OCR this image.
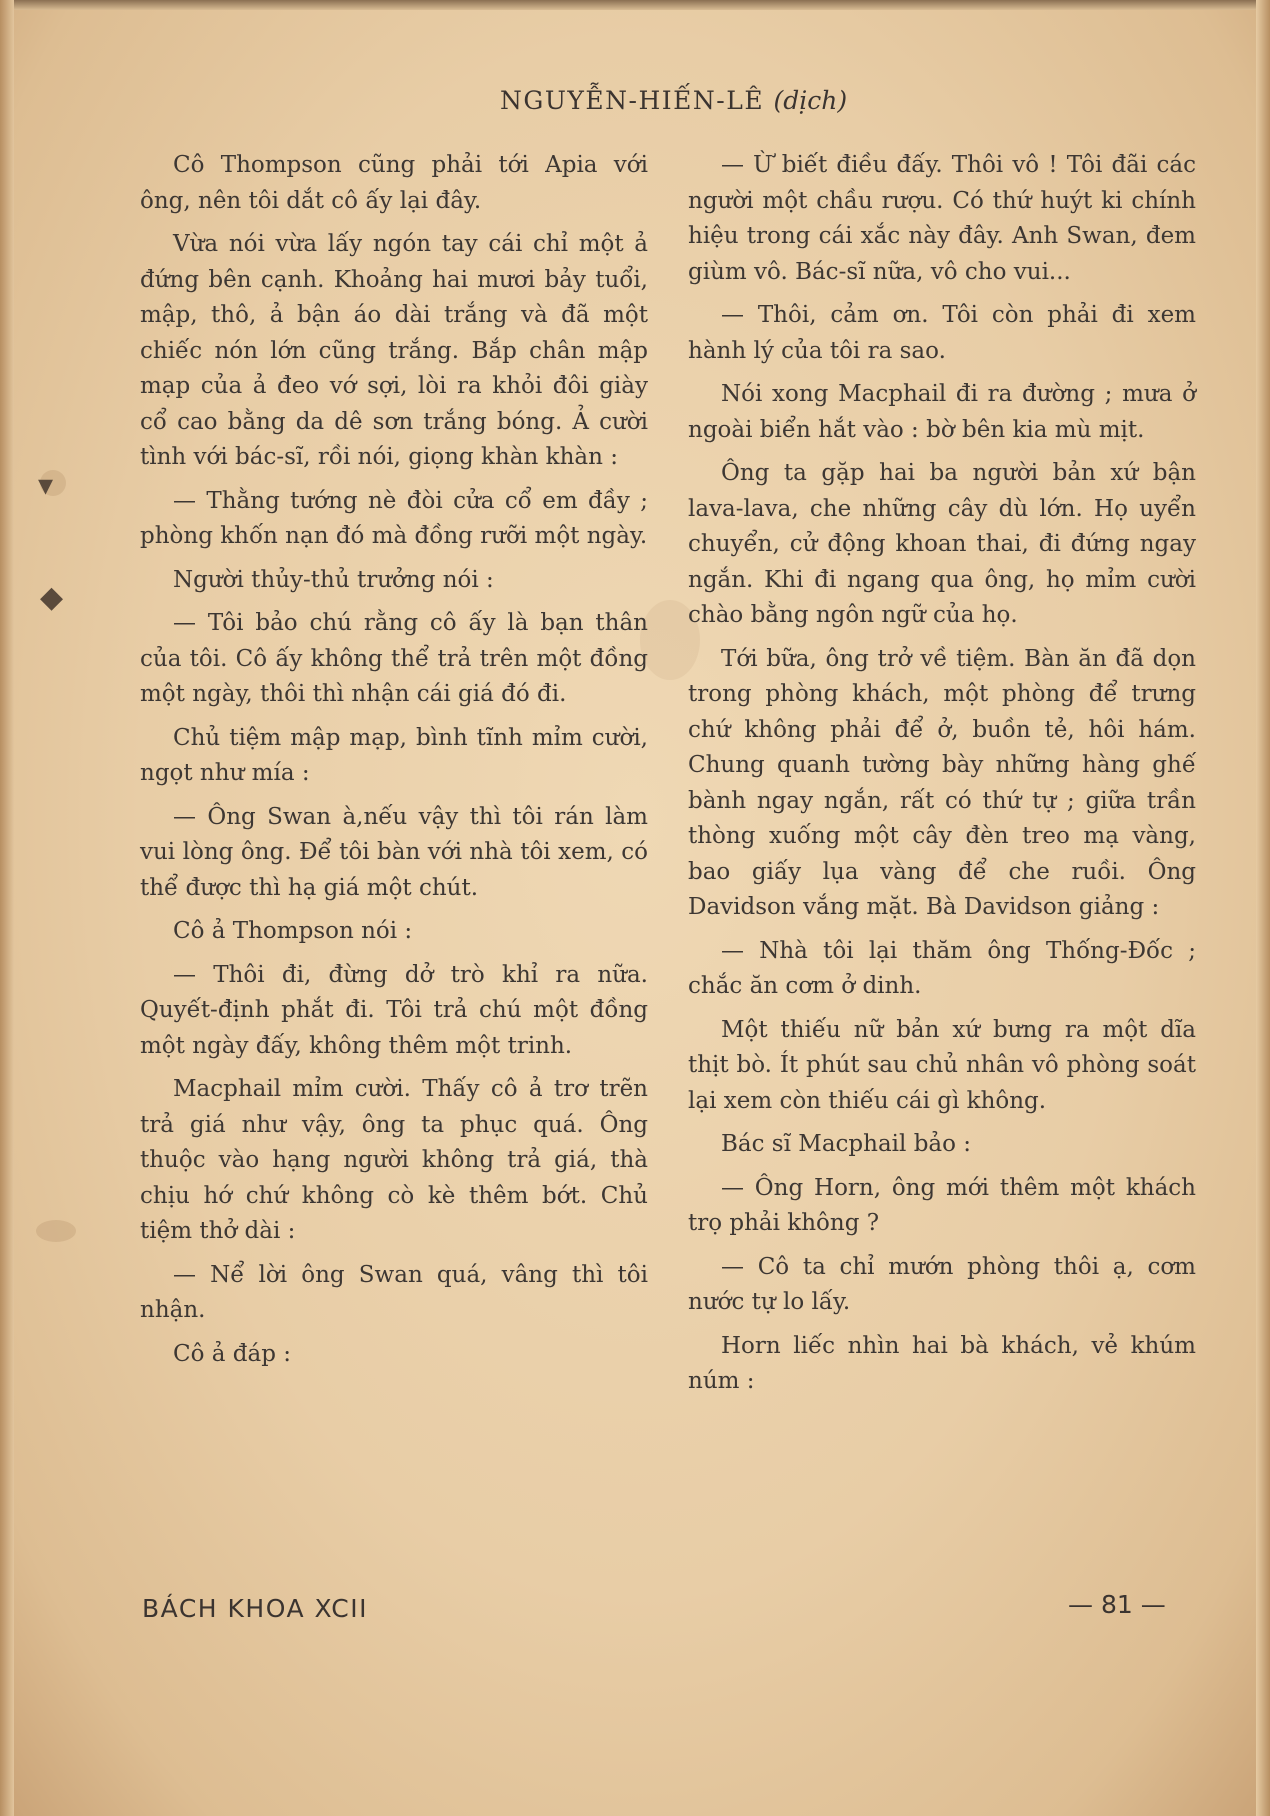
▾
◆
NGUYỄN-HIẾN-LÊ (dịch)

Cô Thompson cũng phải tới Apia với ông, nên tôi dắt cô ấy lại đây.

Vừa nói vừa lấy ngón tay cái chỉ một ả đứng bên cạnh. Khoảng hai mươi bảy tuổi, mập, thô, ả bận áo dài trắng và đã một chiếc nón lớn cũng trắng. Bắp chân mập mạp của ả đeo vớ sợi, lòi ra khỏi đôi giày cổ cao bằng da dê sơn trắng bóng. Ả cười tình với bác-sĩ, rồi nói, giọng khàn khàn :

— Thằng tướng nè đòi cửa cổ em đầy ; phòng khốn nạn đó mà đồng rưỡi một ngày.

Người thủy-thủ trưởng nói :

— Tôi bảo chú rằng cô ấy là bạn thân của tôi. Cô ấy không thể trả trên một đồng một ngày, thôi thì nhận cái giá đó đi.

Chủ tiệm mập mạp, bình tĩnh mỉm cười, ngọt như mía :

— Ông Swan à,nếu vậy thì tôi rán làm vui lòng ông. Để tôi bàn với nhà tôi xem, có thể được thì hạ giá một chút.

Cô ả Thompson nói :

— Thôi đi, đừng dở trò khỉ ra nữa. Quyết-định phắt đi. Tôi trả chú một đồng một ngày đấy, không thêm một trinh.

Macphail mỉm cười. Thấy cô ả trơ trẽn trả giá như vậy, ông ta phục quá. Ông thuộc vào hạng người không trả giá, thà chịu hớ chứ không cò kè thêm bớt. Chủ tiệm thở dài :

— Nể lời ông Swan quá, vâng thì tôi nhận.

Cô ả đáp :

— Ừ biết điều đấy. Thôi vô ! Tôi đãi các người một chầu rượu. Có thứ huýt ki chính hiệu trong cái xắc này đây. Anh Swan, đem giùm vô. Bác-sĩ nữa, vô cho vui...

— Thôi, cảm ơn. Tôi còn phải đi xem hành lý của tôi ra sao.

Nói xong Macphail đi ra đường ; mưa ở ngoài biển hắt vào : bờ bên kia mù mịt.

Ông ta gặp hai ba người bản xứ bận lava-lava, che những cây dù lớn. Họ uyển chuyển, cử động khoan thai, đi đứng ngay ngắn. Khi đi ngang qua ông, họ mỉm cười chào bằng ngôn ngữ của họ.

Tới bữa, ông trở về tiệm. Bàn ăn đã dọn trong phòng khách, một phòng để trưng chứ không phải để ở, buồn tẻ, hôi hám. Chung quanh tường bày những hàng ghế bành ngay ngắn, rất có thứ tự ; giữa trần thòng xuống một cây đèn treo mạ vàng, bao giấy lụa vàng để che ruồi. Ông Davidson vắng mặt. Bà Davidson giảng :

— Nhà tôi lại thăm ông Thống-Đốc ; chắc ăn cơm ở dinh.

Một thiếu nữ bản xứ bưng ra một dĩa thịt bò. Ít phút sau chủ nhân vô phòng soát lại xem còn thiếu cái gì không.

Bác sĩ Macphail bảo :

— Ông Horn, ông mới thêm một khách trọ phải không ?

— Cô ta chỉ mướn phòng thôi ạ, cơm nước tự lo lấy.

Horn liếc nhìn hai bà khách, vẻ khúm núm :

BÁCH KHOA XCII	— 81 —
